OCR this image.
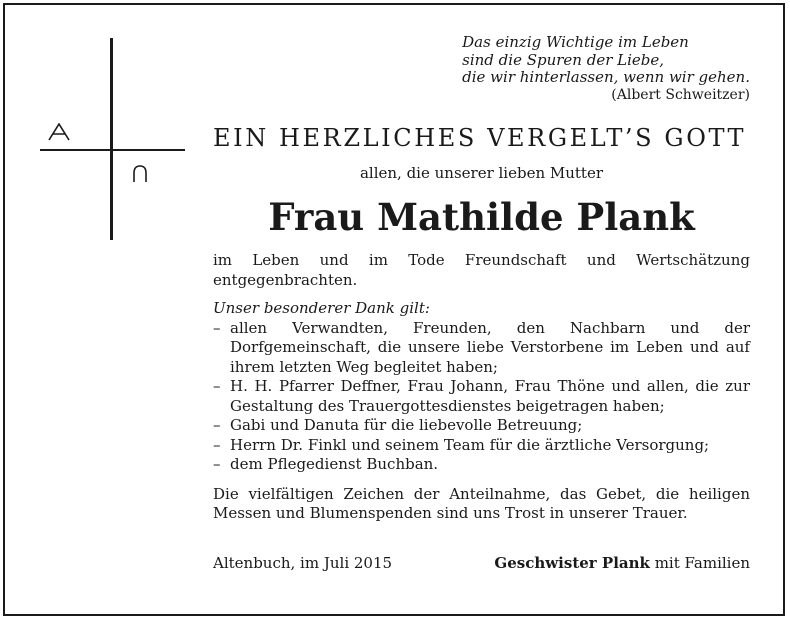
Das einzig Wichtige im Leben
sind die Spuren der Liebe,
die wir hinterlassen, wenn wir gehen.
(Albert Schweitzer)
EIN HERZLICHES VERGELT’S GOTT
allen, die unserer lieben Mutter
Frau Mathilde Plank

im Leben und im Tode Freundschaft und Wertschätzung entgegenbrachten.

Unser besonderer Dank gilt:

– allen Verwandten, Freunden, den Nachbarn und der Dorfgemeinschaft, die unsere liebe Verstorbene im Leben und auf ihrem letzten Weg begleitet haben;
– H. H. Pfarrer Deffner, Frau Johann, Frau Thöne und allen, die zur Gestaltung des Trauergottesdienstes beigetragen haben;
– Gabi und Danuta für die liebevolle Betreuung;
– Herrn Dr. Finkl und seinem Team für die ärztliche Versorgung;
– dem Pflegedienst Buchban.

Die vielfältigen Zeichen der Anteilnahme, das Gebet, die heiligen Messen und Blumenspenden sind uns Trost in unserer Trauer.

Altenbuch, im Juli 2015	Geschwister Plank mit Familien
